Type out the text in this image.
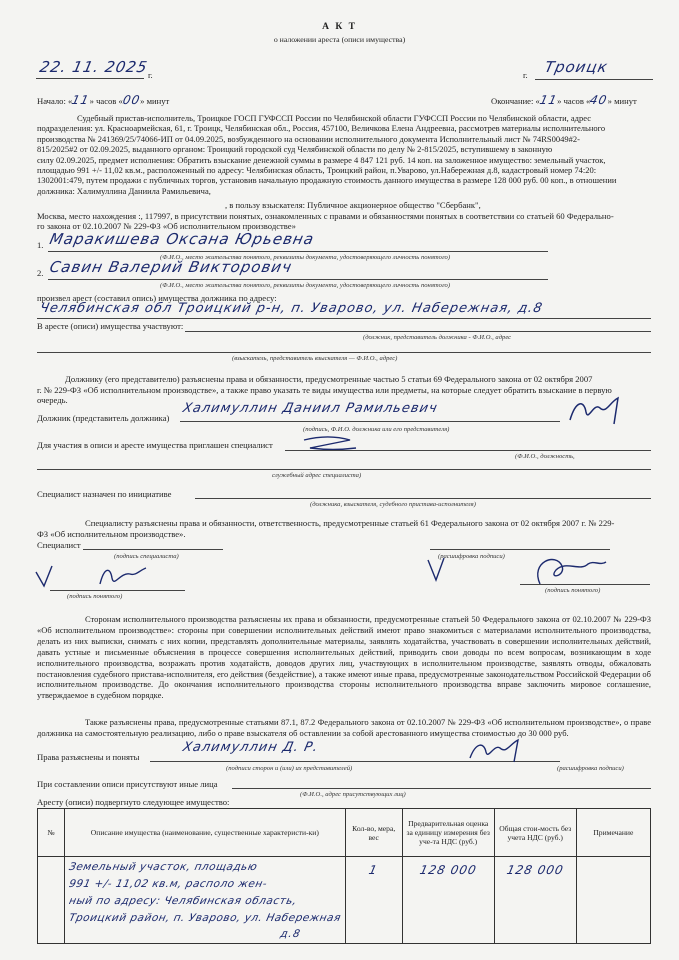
А К Т
о наложении ареста (описи имущества)
22. 11. 2025
г.	г. Троицк
Начало: «11» часов «00» минут	Окончание: «11» часов «40» минут
Судебный пристав-исполнитель, Троицкое ГОСП ГУФССП России по Челябинской области ГУФССП России по Челябинской области, адрес
подразделения: ул. Красноармейская, 61, г. Троицк, Челябинская обл., Россия, 457100, Величкова Елена Андреевна, рассмотрев материалы исполнительного
производства № 241369/25/74066-ИП от 04.09.2025, возбужденного на основании исполнительного документа Исполнительный лист № 74RS0049#2-
815/2025#2 от 02.09.2025, выданного органом: Троицкий городской суд Челябинской области по делу № 2-815/2025, вступившему в законную
силу 02.09.2025, предмет исполнения: Обратить взыскание денежной суммы в размере 4 847 121 руб. 14 коп. на заложенное имущество: земельный участок,
площадью 991 +/- 11,02 кв.м., расположенный по адресу: Челябинская область, Троицкий район, п.Уварово, ул.Набережная д.8, кадастровый номер 74:20:
1302001:479, путем продажи с публичных торгов, установив начальную продажную стоимость данного имущества в размере 128 000 руб. 00 коп., в отношении
должника: Халимуллина Даниила Рамильевича,
, в пользу взыскателя: Публичное акционерное общество "Сбербанк",
Москва, место нахождения :, 117997, в присутствии понятых, ознакомленных с правами и обязанностями понятых в соответствии со статьей 60 Федерально-
го закона от 02.10.2007 № 229-ФЗ «Об исполнительном производстве»
1. Маракишева Оксана Юрьевна
(Ф.И.О., место жительства понятого, реквизиты документа, удостоверяющего личность понятого)
2. Савин Валерий Викторович
(Ф.И.О., место жительства понятого, реквизиты документа, удостоверяющего личность понятого)
произвел арест (составил опись) имущества должника по адресу:
Челябинская обл Троицкий р-н, п. Уварово, ул. Набережная, д.8
В аресте (описи) имущества участвуют:
(должник, представитель должника - Ф.И.О., адрес
(взыскатель, представитель взыскателя — Ф.И.О., адрес)
Должнику (его представителю) разъяснены права и обязанности, предусмотренные частью 5 статьи 69 Федерального закона от 02 октября 2007
г. № 229-ФЗ «Об исполнительном производстве», а также право указать те виды имущества или предметы, на которые следует обратить взыскание в первую
очередь.
Должник (представитель должника)
Халимуллин Даниил Рамильевич
(подпись, Ф.И.О. должника или его представителя)
Для участия в описи и аресте имущества приглашен специалист
(Ф.И.О., должность,
служебный адрес специалиста)
Специалист назначен по инициативе
(должника, взыскателя, судебного пристава-исполнителя)
Специалисту разъяснены права и обязанности, ответственность, предусмотренные статьей 61 Федерального закона от 02 октября 2007 г. № 229-
ФЗ «Об исполнительном производстве».
Специалист
(подпись специалиста)	(расшифровка подписи)
(подпись понятого)
(подпись понятого)
Сторонам исполнительного производства разъяснены их права и обязанности, предусмотренные статьей 50 Федерального закона от 02.10.2007 № 229-ФЗ «Об исполнительном производстве»: стороны при совершении исполнительных действий имеют право знакомиться с материалами исполнительного производства, делать из них выписки, снимать с них копии, представлять дополнительные материалы, заявлять ходатайства, участвовать в совершении исполнительных действий, давать устные и письменные объяснения в процессе совершения исполнительных действий, приводить свои доводы по всем вопросам, возникающим в ходе исполнительного производства, возражать против ходатайств, доводов других лиц, участвующих в исполнительном производстве, заявлять отводы, обжаловать постановления судебного пристава-исполнителя, его действия (бездействие), а также имеют иные права, предусмотренные законодательством Российской Федерации об исполнительном производстве. До окончания исполнительного производства стороны исполнительного производства вправе заключить мировое соглашение, утверждаемое в судебном порядке.
Также разъяснены права, предусмотренные статьями 87.1, 87.2 Федерального закона от 02.10.2007 № 229-ФЗ «Об исполнительном производстве», о праве должника на самостоятельную реализацию, либо о праве взыскателя об оставлении за собой арестованного имущества стоимостью до 30 000 руб.
Права разъяснены и поняты
Халимуллин Д. Р.
(подписи сторон и (или) их представителей)	(расшифровка подписи)
При составлении описи присутствуют иные лица
(Ф.И.О., адрес присутствующих лиц)
Аресту (описи) подвергнуто следующее имущество:
№	Описание имущества (наименование, существенные характеристи-ки)	Кол-во, мера, вес	Предварительная оценка за единицу измерения без уче-та НДС (руб.)	Общая стои-мость без учета НДС (руб.)	Примечание

	Земельный участок, площадью
991 +/- 11,02 кв.м, располо жен-
ный по адресу: Челябинская область,
Троицкий район, п. Уварово, ул. Набережная
д.8	1	128 000	128 000	
